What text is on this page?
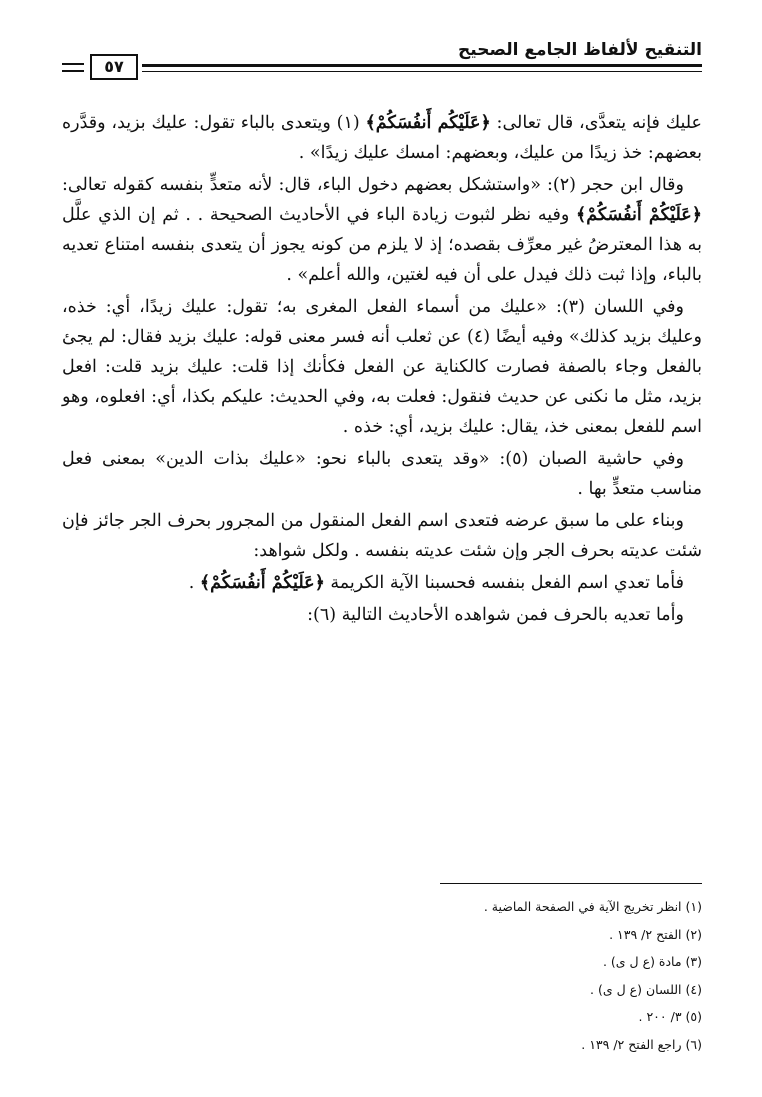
التنقيح لألفاظ الجامع الصحيح
٥٧

عليك فإنه يتعدَّى، قال تعالى: ﴿عَلَيْكُم أَنفُسَكُمْ﴾ (١) ويتعدى بالباء تقول: عليك بزيد، وقدَّره بعضهم: خذ زيدًا من عليك، وبعضهم: امسك عليك زيدًا» .

وقال ابن حجر (٢): «واستشكل بعضهم دخول الباء، قال: لأنه متعدٍّ بنفسه كقوله تعالى: ﴿عَلَيْكُمْ أَنفُسَكُمْ﴾ وفيه نظر لثبوت زيادة الباء في الأحاديث الصحيحة . . ثم إن الذي علَّل به هذا المعترضُ غير معرِّف بقصده؛ إذ لا يلزم من كونه يجوز أن يتعدى بنفسه امتناع تعديه بالباء، وإذا ثبت ذلك فيدل على أن فيه لغتين، والله أعلم» .

وفي اللسان (٣): «عليك من أسماء الفعل المغرى به؛ تقول: عليك زيدًا، أي: خذه، وعليك بزيد كذلك» وفيه أيضًا (٤) عن ثعلب أنه فسر معنى قوله: عليك بزيد فقال: لم يجئ بالفعل وجاء بالصفة فصارت كالكناية عن الفعل فكأنك إذا قلت: عليك بزيد قلت: افعل بزيد، مثل ما نكنى عن حديث فنقول: فعلت به، وفي الحديث: عليكم بكذا، أي: افعلوه، وهو اسم للفعل بمعنى خذ، يقال: عليك بزيد، أي: خذه .

وفي حاشية الصبان (٥): «وقد يتعدى بالباء نحو: «عليك بذات الدين» بمعنى فعل مناسب متعدٍّ بها .

وبناء على ما سبق عرضه فتعدى اسم الفعل المنقول من المجرور بحرف الجر جائز فإن شئت عديته بحرف الجر وإن شئت عديته بنفسه . ولكل شواهد:

فأما تعدي اسم الفعل بنفسه فحسبنا الآية الكريمة ﴿عَلَيْكُمْ أَنفُسَكُمْ﴾ .

وأما تعديه بالحرف فمن شواهده الأحاديث التالية (٦):

(١) انظر تخريج الآية في الصفحة الماضية .
(٢) الفتح ٢/ ١٣٩ .
(٣) مادة (ع ل ى) .
(٤) اللسان (ع ل ى) .
(٥) ٣/ ٢٠٠ .
(٦) راجع الفتح ٢/ ١٣٩ .
